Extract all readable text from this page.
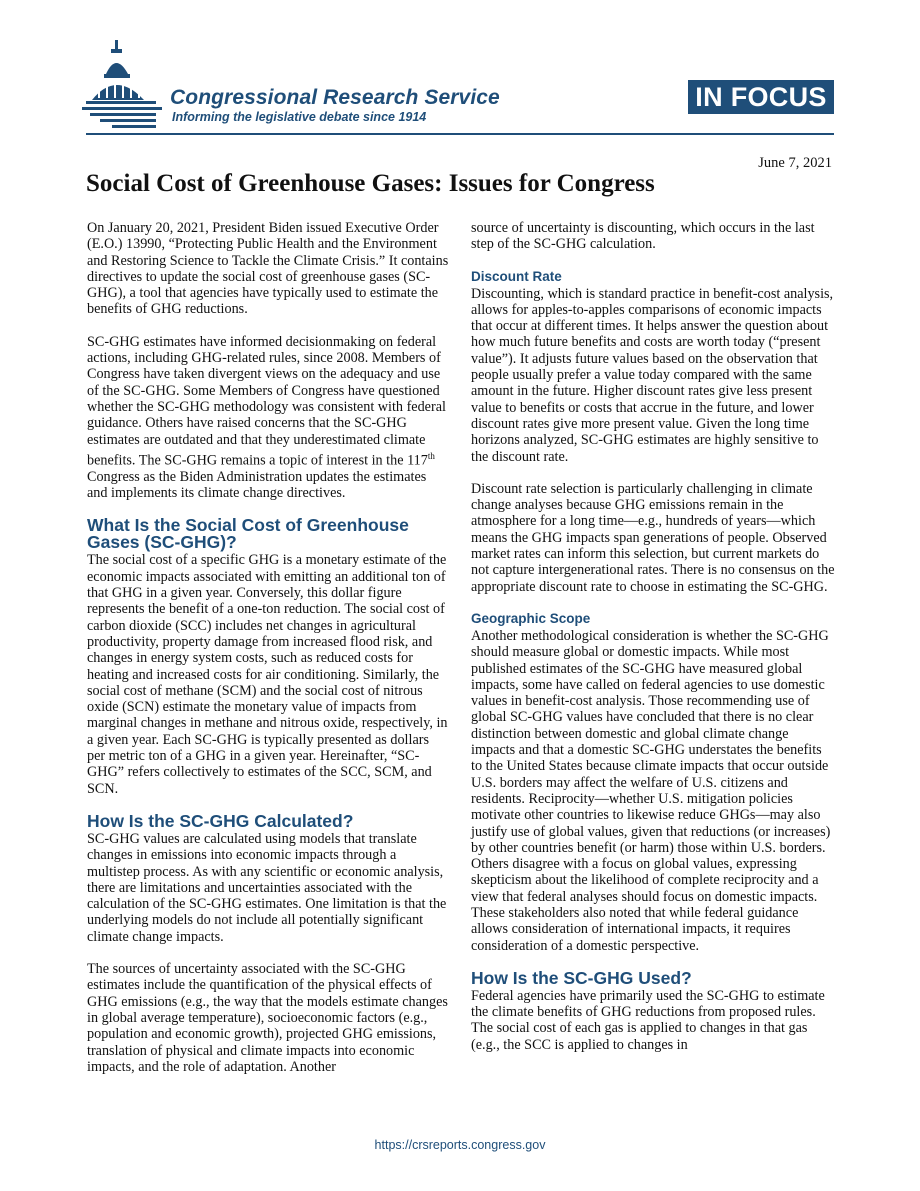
Congressional Research Service
Informing the legislative debate since 1914
IN FOCUS
June 7, 2021
Social Cost of Greenhouse Gases: Issues for Congress

On January 20, 2021, President Biden issued Executive Order (E.O.) 13990, “Protecting Public Health and the Environment and Restoring Science to Tackle the Climate Crisis.” It contains directives to update the social cost of greenhouse gases (SC-GHG), a tool that agencies have typically used to estimate the benefits of GHG reductions.

SC-GHG estimates have informed decisionmaking on federal actions, including GHG-related rules, since 2008. Members of Congress have taken divergent views on the adequacy and use of the SC-GHG. Some Members of Congress have questioned whether the SC-GHG methodology was consistent with federal guidance. Others have raised concerns that the SC-GHG estimates are outdated and that they underestimated climate benefits. The SC-GHG remains a topic of interest in the 117th Congress as the Biden Administration updates the estimates and implements its climate change directives.

What Is the Social Cost of Greenhouse Gases (SC-GHG)?

The social cost of a specific GHG is a monetary estimate of the economic impacts associated with emitting an additional ton of that GHG in a given year. Conversely, this dollar figure represents the benefit of a one-ton reduction. The social cost of carbon dioxide (SCC) includes net changes in agricultural productivity, property damage from increased flood risk, and changes in energy system costs, such as reduced costs for heating and increased costs for air conditioning. Similarly, the social cost of methane (SCM) and the social cost of nitrous oxide (SCN) estimate the monetary value of impacts from marginal changes in methane and nitrous oxide, respectively, in a given year. Each SC-GHG is typically presented as dollars per metric ton of a GHG in a given year. Hereinafter, “SC-GHG” refers collectively to estimates of the SCC, SCM, and SCN.

How Is the SC-GHG Calculated?

SC-GHG values are calculated using models that translate changes in emissions into economic impacts through a multistep process. As with any scientific or economic analysis, there are limitations and uncertainties associated with the calculation of the SC-GHG estimates. One limitation is that the underlying models do not include all potentially significant climate change impacts.

The sources of uncertainty associated with the SC-GHG estimates include the quantification of the physical effects of GHG emissions (e.g., the way that the models estimate changes in global average temperature), socioeconomic factors (e.g., population and economic growth), projected GHG emissions, translation of physical and climate impacts into economic impacts, and the role of adaptation. Another

source of uncertainty is discounting, which occurs in the last step of the SC-GHG calculation.

Discount Rate

Discounting, which is standard practice in benefit-cost analysis, allows for apples-to-apples comparisons of economic impacts that occur at different times. It helps answer the question about how much future benefits and costs are worth today (“present value”). It adjusts future values based on the observation that people usually prefer a value today compared with the same amount in the future. Higher discount rates give less present value to benefits or costs that accrue in the future, and lower discount rates give more present value. Given the long time horizons analyzed, SC-GHG estimates are highly sensitive to the discount rate.

Discount rate selection is particularly challenging in climate change analyses because GHG emissions remain in the atmosphere for a long time—e.g., hundreds of years—which means the GHG impacts span generations of people. Observed market rates can inform this selection, but current markets do not capture intergenerational rates. There is no consensus on the appropriate discount rate to choose in estimating the SC-GHG.

Geographic Scope

Another methodological consideration is whether the SC-GHG should measure global or domestic impacts. While most published estimates of the SC-GHG have measured global impacts, some have called on federal agencies to use domestic values in benefit-cost analysis. Those recommending use of global SC-GHG values have concluded that there is no clear distinction between domestic and global climate change impacts and that a domestic SC-GHG understates the benefits to the United States because climate impacts that occur outside U.S. borders may affect the welfare of U.S. citizens and residents. Reciprocity—whether U.S. mitigation policies motivate other countries to likewise reduce GHGs—may also justify use of global values, given that reductions (or increases) by other countries benefit (or harm) those within U.S. borders. Others disagree with a focus on global values, expressing skepticism about the likelihood of complete reciprocity and a view that federal analyses should focus on domestic impacts. These stakeholders also noted that while federal guidance allows consideration of international impacts, it requires consideration of a domestic perspective.

How Is the SC-GHG Used?

Federal agencies have primarily used the SC-GHG to estimate the climate benefits of GHG reductions from proposed rules. The social cost of each gas is applied to changes in that gas (e.g., the SCC is applied to changes in

https://crsreports.congress.gov
